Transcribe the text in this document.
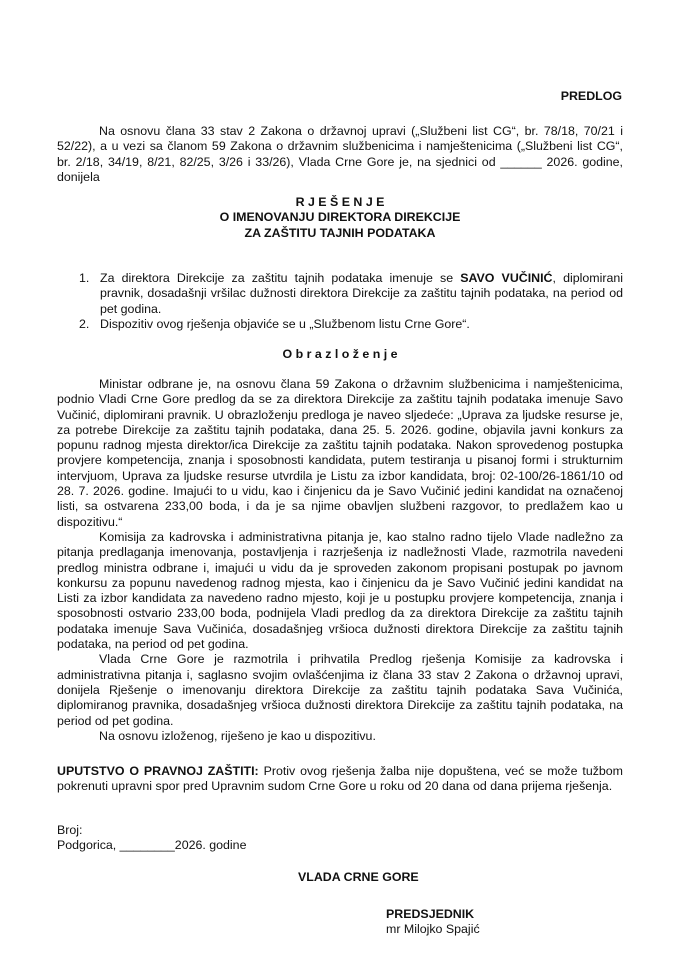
PREDLOG

Na osnovu člana 33 stav 2 Zakona o državnoj upravi („Službeni list CG“, br. 78/18, 70/21 i 52/22), a u vezi sa članom 59 Zakona o državnim službenicima i namještenicima („Službeni list CG“, br. 2/18, 34/19, 8/21, 82/25, 3/26 i 33/26), Vlada Crne Gore je, na sjednici od ______ 2026. godine, donijela

R J E Š E N J E

O IMENOVANJU DIREKTORA DIREKCIJE

ZA ZAŠTITU TAJNIH PODATAKA

1. Za direktora Direkcije za zaštitu tajnih podataka imenuje se SAVO VUČINIĆ, diplomirani pravnik, dosadašnji vršilac dužnosti direktora Direkcije za zaštitu tajnih podataka, na period od pet godina.
2. Dispozitiv ovog rješenja objaviće se u „Službenom listu Crne Gore“.

O b r a z l o ž e n j e

Ministar odbrane je, na osnovu člana 59 Zakona o državnim službenicima i namještenicima, podnio Vladi Crne Gore predlog da se za direktora Direkcije za zaštitu tajnih podataka imenuje Savo Vučinić, diplomirani pravnik. U obrazloženju predloga je naveo sljedeće: „Uprava za ljudske resurse je, za potrebe Direkcije za zaštitu tajnih podataka, dana 25. 5. 2026. godine, objavila javni konkurs za popunu radnog mjesta direktor/ica Direkcije za zaštitu tajnih podataka. Nakon sprovedenog postupka provjere kompetencija, znanja i sposobnosti kandidata, putem testiranja u pisanoj formi i strukturnim intervjuom, Uprava za ljudske resurse utvrdila je Listu za izbor kandidata, broj: 02-100/26-1861/10 od 28. 7. 2026. godine. Imajući to u vidu, kao i činjenicu da je Savo Vučinić jedini kandidat na označenoj listi, sa ostvarena 233,00 boda, i da je sa njime obavljen službeni razgovor, to predlažem kao u dispozitivu.“

Komisija za kadrovska i administrativna pitanja je, kao stalno radno tijelo Vlade nadležno za pitanja predlaganja imenovanja, postavljenja i razrješenja iz nadležnosti Vlade, razmotrila navedeni predlog ministra odbrane i, imajući u vidu da je sproveden zakonom propisani postupak po javnom konkursu za popunu navedenog radnog mjesta, kao i činjenicu da je Savo Vučinić jedini kandidat na Listi za izbor kandidata za navedeno radno mjesto, koji je u postupku provjere kompetencija, znanja i sposobnosti ostvario 233,00 boda, podnijela Vladi predlog da za direktora Direkcije za zaštitu tajnih podataka imenuje Sava Vučinića, dosadašnjeg vršioca dužnosti direktora Direkcije za zaštitu tajnih podataka, na period od pet godina.

Vlada Crne Gore je razmotrila i prihvatila Predlog rješenja Komisije za kadrovska i administrativna pitanja i, saglasno svojim ovlašćenjima iz člana 33 stav 2 Zakona o državnoj upravi, donijela Rješenje o imenovanju direktora Direkcije za zaštitu tajnih podataka Sava Vučinića, diplomiranog pravnika, dosadašnjeg vršioca dužnosti direktora Direkcije za zaštitu tajnih podataka, na period od pet godina.

Na osnovu izloženog, riješeno je kao u dispozitivu.

UPUTSTVO O PRAVNOJ ZAŠTITI: Protiv ovog rješenja žalba nije dopuštena, već se može tužbom pokrenuti upravni spor pred Upravnim sudom Crne Gore u roku od 20 dana od dana prijema rješenja.

Broj:

Podgorica, ________2026. godine

VLADA CRNE GORE

PREDSJEDNIK

mr Milojko Spajić
